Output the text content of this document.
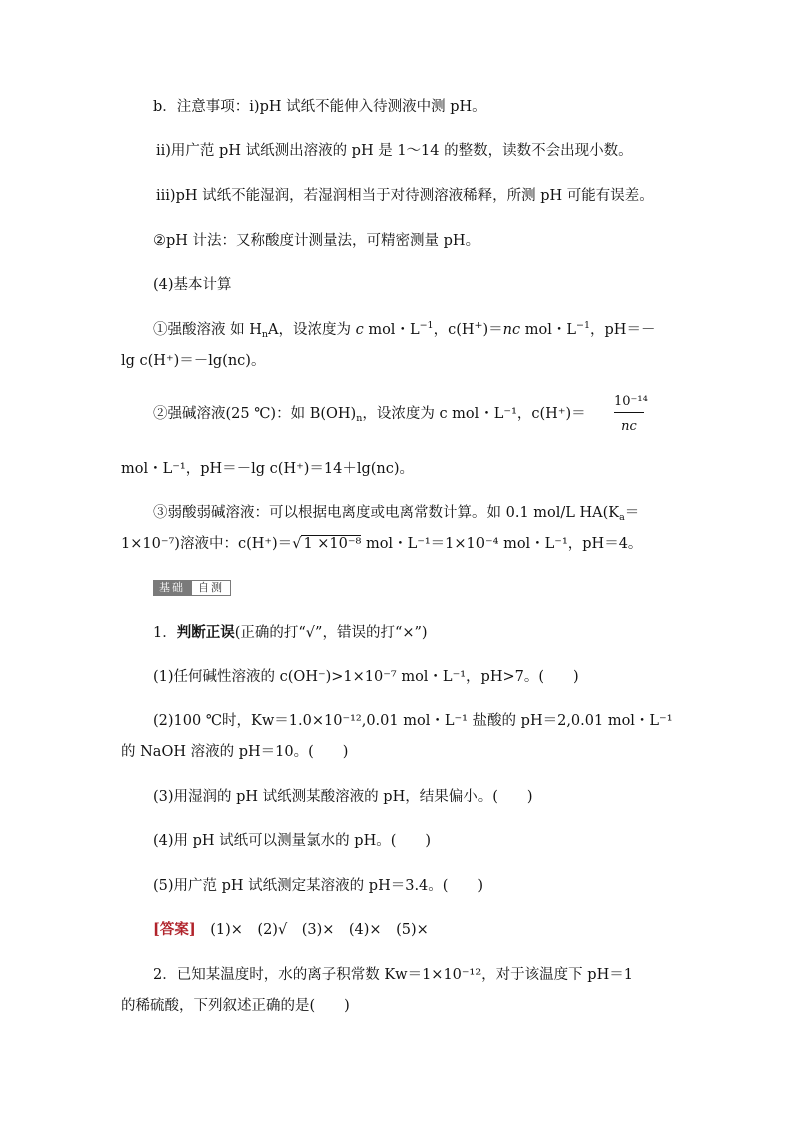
b．注意事项：ⅰ)pH 试纸不能伸入待测液中测 pH。
ⅱ)用广范 pH 试纸测出溶液的 pH 是 1～14 的整数，读数不会出现小数。
ⅲ)pH 试纸不能湿润，若湿润相当于对待测溶液稀释，所测 pH 可能有误差。
②pH 计法：又称酸度计测量法，可精密测量 pH。
(4)基本计算
①强酸溶液 如 $H_nA$，设浓度为 c mol・$L^{-1}$，c(H+)＝nc mol・$L^{-1}$，pH＝－
lg c(H⁺)＝－lg(nc)。
②强碱溶液(25 ℃)：如 $B(OH)_n$，设浓度为 c mol・L⁻¹，$c(H^+)= \frac{\text{10⁻¹⁴}}{nc}$
mol・L⁻¹，pH＝－lg c(H⁺)＝14＋lg(nc)。
③弱酸弱碱溶液：可以根据电离度或电离常数计算。如 0.1 mol/L $HA(K_a=$
1×10⁻⁷)溶液中：c(H⁺)＝√ 1 ×10⁻⁸ mol・L⁻¹＝1×10⁻⁴ mol・L⁻¹，pH＝4。
基础	自测
1．判断正误(正确的打“√”，错误的打“×”)
(1)任何碱性溶液的 c(OH⁻)>1×10⁻⁷ mol・L⁻¹，pH>7。(　　)
(2)100 ℃时，Kw＝1.0×10⁻¹²,0.01 mol・L⁻¹ 盐酸的 pH＝2,0.01 mol・L⁻¹
的 NaOH 溶液的 pH＝10。(　　)
(3)用湿润的 pH 试纸测某酸溶液的 pH，结果偏小。(　　)
(4)用 pH 试纸可以测量氯水的 pH。(　　)
(5)用广范 pH 试纸测定某溶液的 pH＝3.4。(　　)
[答案]　(1)×　(2)√　(3)×　(4)×　(5)×
2．已知某温度时，水的离子积常数 Kw＝1×10⁻¹²，对于该温度下 pH＝1
的稀硫酸，下列叙述正确的是(　　)
